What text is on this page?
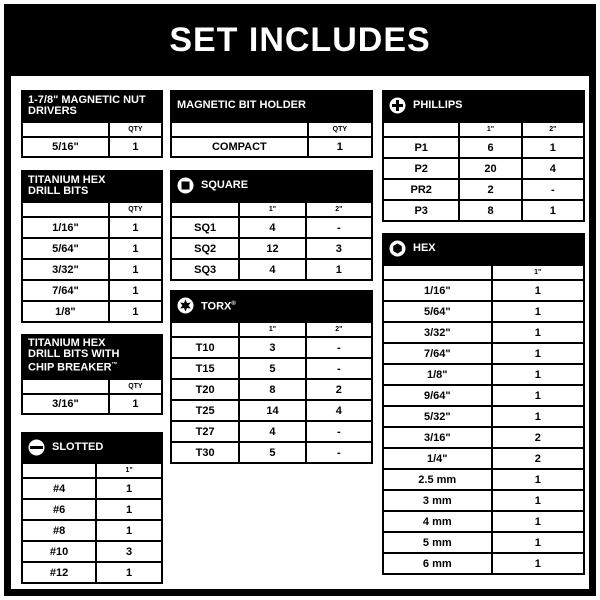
SET INCLUDES
1-7/8" MAGNETIC NUT DRIVERS
	QTY
5/16"	1
TITANIUM HEX DRILL BITS
	QTY
1/16"	1
5/64"	1
3/32"	1
7/64"	1
1/8"	1
TITANIUM HEX DRILL BITS WITH CHIP BREAKER™
	QTY
3/16"	1
SLOTTED
	1"
#4	1
#6	1
#8	1
#10	3
#12	1
MAGNETIC BIT HOLDER
	QTY
COMPACT	1
SQUARE
	1"	2"
SQ1	4	-
SQ2	12	3
SQ3	4	1
TORX®
	1"	2"
T10	3	-
T15	5	-
T20	8	2
T25	14	4
T27	4	-
T30	5	-
PHILLIPS
	1"	2"
P1	6	1
P2	20	4
PR2	2	-
P3	8	1
HEX
	1"
1/16"	1
5/64"	1
3/32"	1
7/64"	1
1/8"	1
9/64"	1
5/32"	1
3/16"	2
1/4"	2
2.5 mm	1
3 mm	1
4 mm	1
5 mm	1
6 mm	1
